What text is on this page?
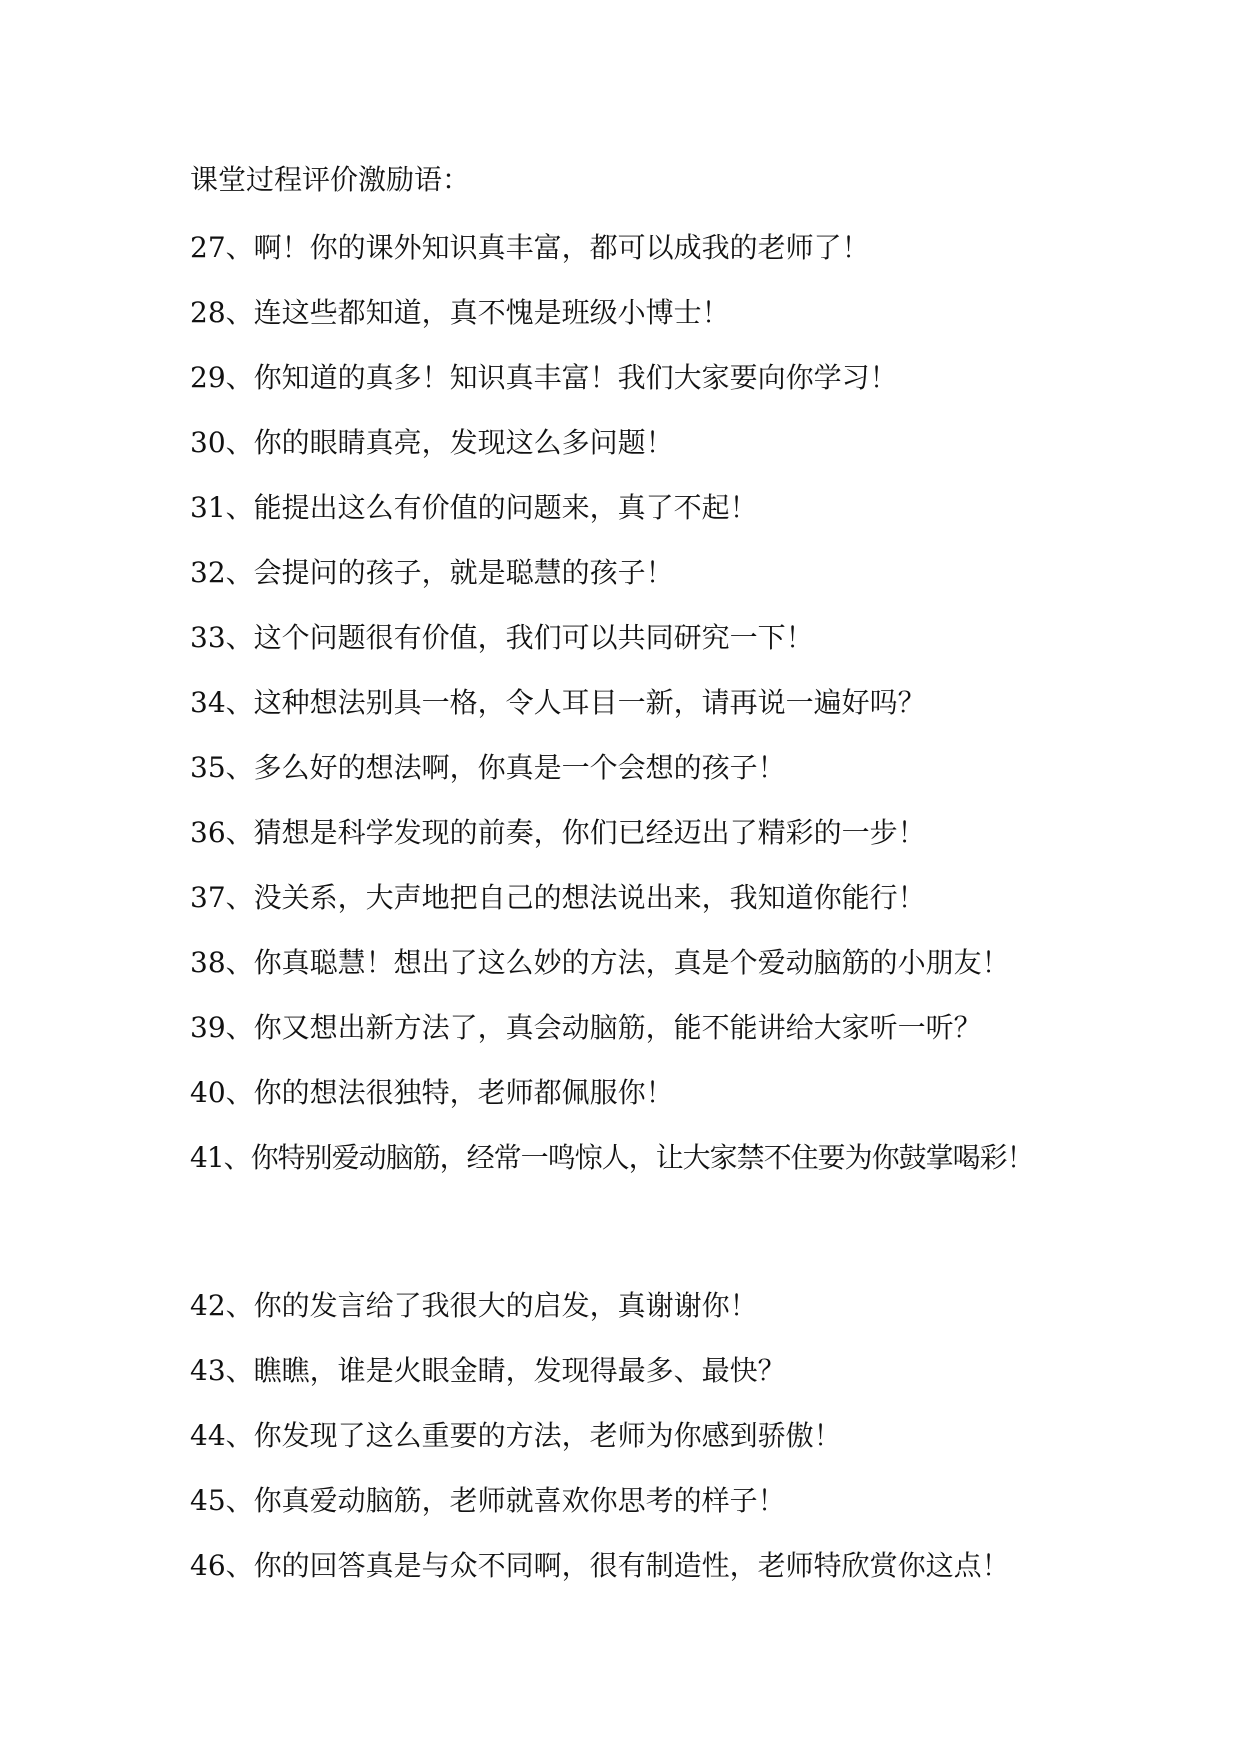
课堂过程评价激励语：
27、啊！你的课外知识真丰富，都可以成我的老师了！
28、连这些都知道，真不愧是班级小博士！
29、你知道的真多！知识真丰富！我们大家要向你学习！
30、你的眼睛真亮，发现这么多问题！
31、能提出这么有价值的问题来，真了不起！
32、会提问的孩子，就是聪慧的孩子！
33、这个问题很有价值，我们可以共同研究一下！
34、这种想法别具一格，令人耳目一新，请再说一遍好吗？
35、多么好的想法啊，你真是一个会想的孩子！
36、猜想是科学发现的前奏，你们已经迈出了精彩的一步！
37、没关系，大声地把自己的想法说出来，我知道你能行！
38、你真聪慧！想出了这么妙的方法，真是个爱动脑筋的小朋友！
39、你又想出新方法了，真会动脑筋，能不能讲给大家听一听？
40、你的想法很独特，老师都佩服你！
41、你特别爱动脑筋，经常一鸣惊人，让大家禁不住要为你鼓掌喝彩！
42、你的发言给了我很大的启发，真谢谢你！
43、瞧瞧，谁是火眼金睛，发现得最多、最快？
44、你发现了这么重要的方法，老师为你感到骄傲！
45、你真爱动脑筋，老师就喜欢你思考的样子！
46、你的回答真是与众不同啊，很有制造性，老师特欣赏你这点！
